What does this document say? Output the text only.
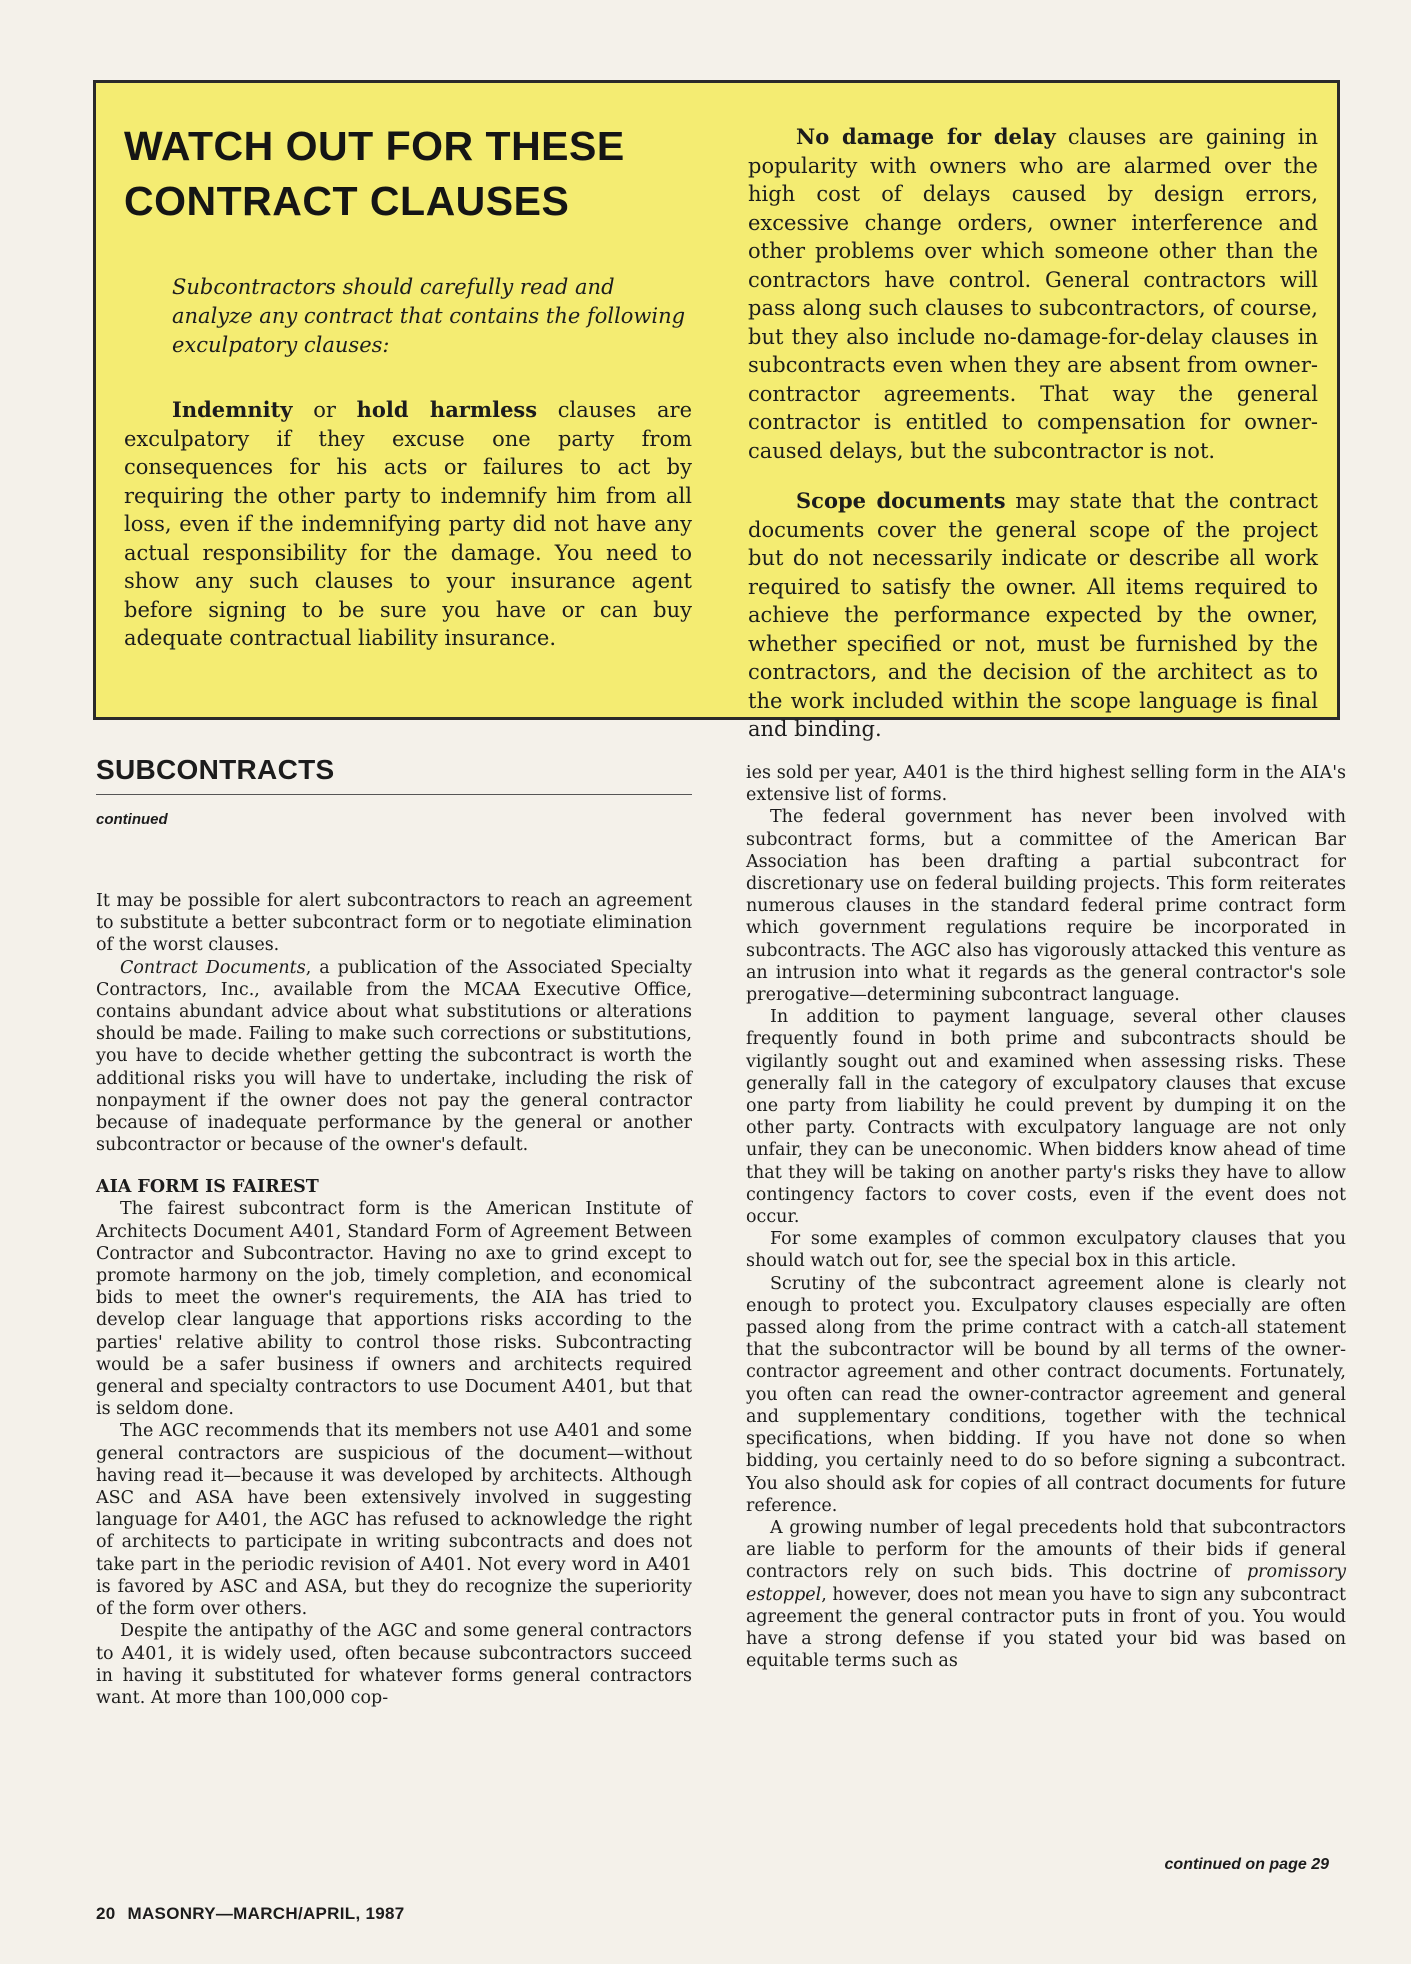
WATCH OUT FOR THESE CONTRACT CLAUSES

Subcontractors should carefully read and analyze any contract that contains the following exculpatory clauses:

Indemnity or hold harmless clauses are exculpatory if they excuse one party from consequences for his acts or failures to act by requiring the other party to indemnify him from all loss, even if the indemnifying party did not have any actual responsibility for the damage. You need to show any such clauses to your insurance agent before signing to be sure you have or can buy adequate contractual liability insurance.

No damage for delay clauses are gaining in popularity with owners who are alarmed over the high cost of delays caused by design errors, excessive change orders, owner interference and other problems over which someone other than the contractors have control. General contractors will pass along such clauses to subcontractors, of course, but they also include no-damage-for-delay clauses in subcontracts even when they are absent from owner-contractor agreements. That way the general contractor is entitled to compensation for owner-caused delays, but the subcontractor is not.

Scope documents may state that the contract documents cover the general scope of the project but do not necessarily indicate or describe all work required to satisfy the owner. All items required to achieve the performance expected by the owner, whether specified or not, must be furnished by the contractors, and the decision of the architect as to the work included within the scope language is final and binding.

SUBCONTRACTS
continued

It may be possible for alert subcontractors to reach an agreement to substitute a better subcontract form or to negotiate elimination of the worst clauses.

Contract Documents, a publication of the Associated Specialty Contractors, Inc., available from the MCAA Executive Office, contains abundant advice about what substitutions or alterations should be made. Failing to make such corrections or substitutions, you have to decide whether getting the subcontract is worth the additional risks you will have to undertake, including the risk of nonpayment if the owner does not pay the general contractor because of inadequate performance by the general or another subcontractor or because of the owner's default.

AIA FORM IS FAIREST

The fairest subcontract form is the American Institute of Architects Document A401, Standard Form of Agreement Between Contractor and Subcontractor. Having no axe to grind except to promote harmony on the job, timely completion, and economical bids to meet the owner's requirements, the AIA has tried to develop clear language that apportions risks according to the parties' relative ability to control those risks. Subcontracting would be a safer business if owners and architects required general and specialty contractors to use Document A401, but that is seldom done.

The AGC recommends that its members not use A401 and some general contractors are suspicious of the document—without having read it—because it was developed by architects. Although ASC and ASA have been extensively involved in suggesting language for A401, the AGC has refused to acknowledge the right of architects to participate in writing subcontracts and does not take part in the periodic revision of A401. Not every word in A401 is favored by ASC and ASA, but they do recognize the superiority of the form over others.

Despite the antipathy of the AGC and some general contractors to A401, it is widely used, often because subcontractors succeed in having it substituted for whatever forms general contractors want. At more than 100,000 cop-

ies sold per year, A401 is the third highest selling form in the AIA's extensive list of forms.

The federal government has never been involved with subcontract forms, but a committee of the American Bar Association has been drafting a partial subcontract for discretionary use on federal building projects. This form reiterates numerous clauses in the standard federal prime contract form which government regulations require be incorporated in subcontracts. The AGC also has vigorously attacked this venture as an intrusion into what it regards as the general contractor's sole prerogative—determining subcontract language.

In addition to payment language, several other clauses frequently found in both prime and subcontracts should be vigilantly sought out and examined when assessing risks. These generally fall in the category of exculpatory clauses that excuse one party from liability he could prevent by dumping it on the other party. Contracts with exculpatory language are not only unfair, they can be uneconomic. When bidders know ahead of time that they will be taking on another party's risks they have to allow contingency factors to cover costs, even if the event does not occur.

For some examples of common exculpatory clauses that you should watch out for, see the special box in this article.

Scrutiny of the subcontract agreement alone is clearly not enough to protect you. Exculpatory clauses especially are often passed along from the prime contract with a catch-all statement that the subcontractor will be bound by all terms of the owner-contractor agreement and other contract documents. Fortunately, you often can read the owner-contractor agreement and general and supplementary conditions, together with the technical specifications, when bidding. If you have not done so when bidding, you certainly need to do so before signing a subcontract. You also should ask for copies of all contract documents for future reference.

A growing number of legal precedents hold that subcontractors are liable to perform for the amounts of their bids if general contractors rely on such bids. This doctrine of promissory estoppel, however, does not mean you have to sign any subcontract agreement the general contractor puts in front of you. You would have a strong defense if you stated your bid was based on equitable terms such as

continued on page 29
20 MASONRY—MARCH/APRIL, 1987
